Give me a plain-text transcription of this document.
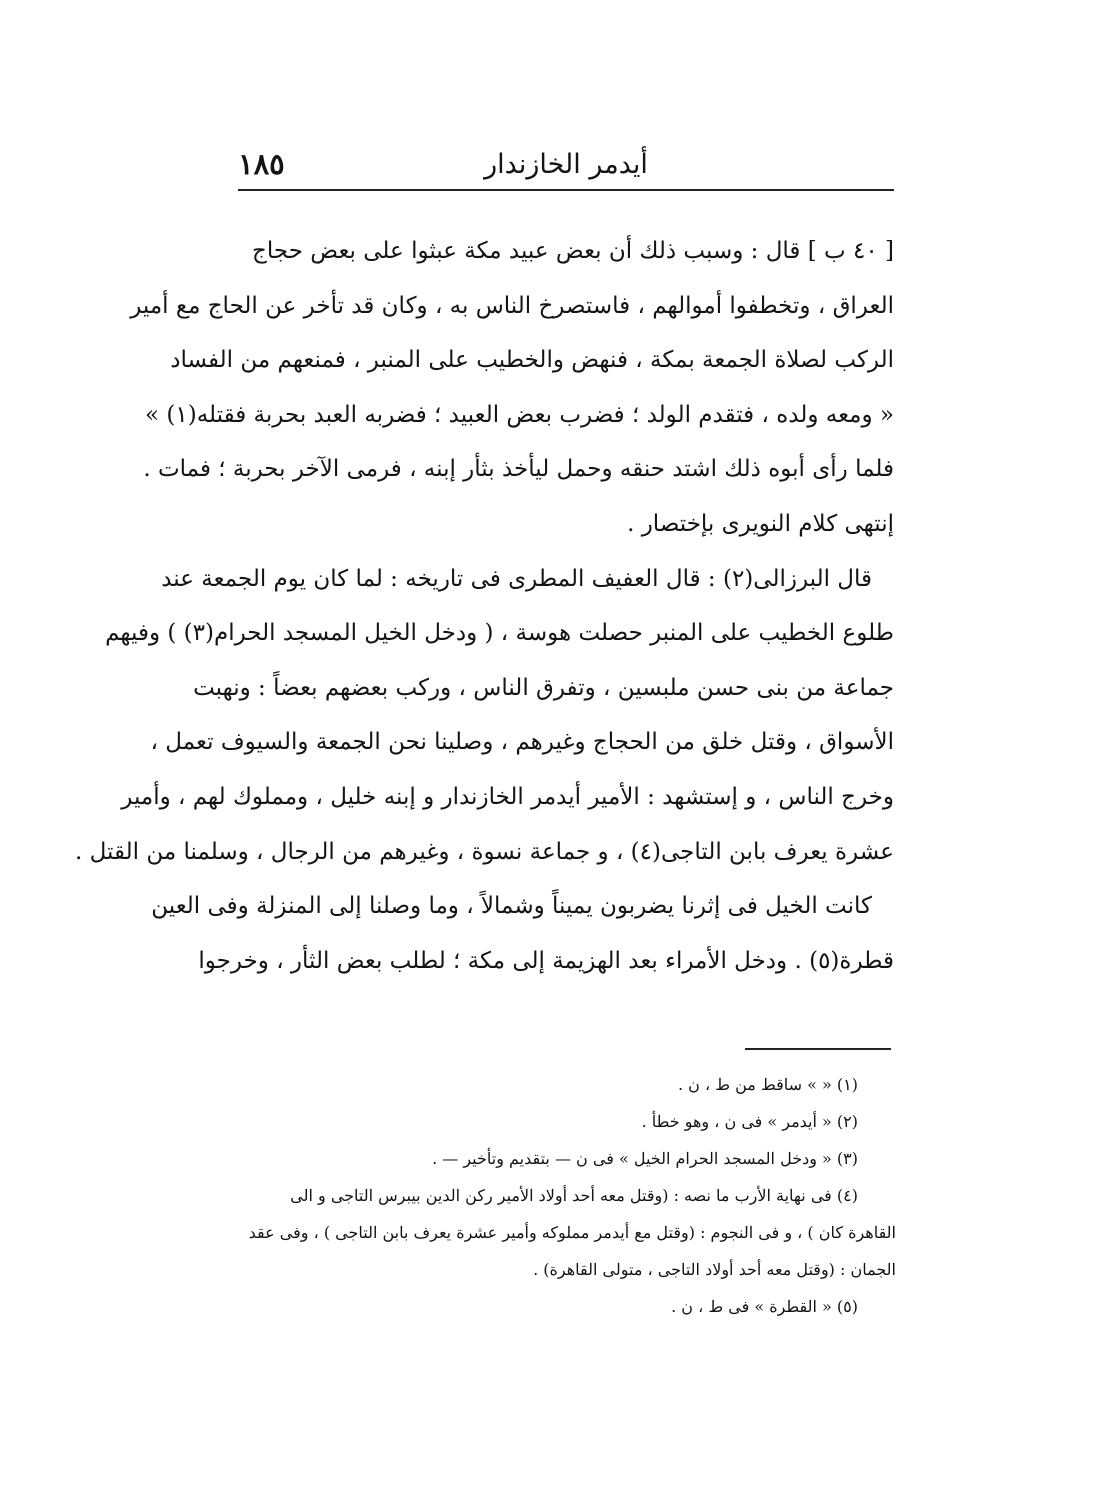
أيدمر الخازندار
١٨٥
[ ٤٠ ب ] قال : وسبب ذلك أن بعض عبيد مكة عبثوا على بعض حجاج
العراق ، وتخطفوا أموالهم ، فاستصرخ الناس به ، وكان قد تأخر عن الحاج مع أمير
الركب لصلاة الجمعة بمكة ، فنهض والخطيب على المنبر ، فمنعهم من الفساد
« ومعه ولده ، فتقدم الولد ؛ فضرب بعض العبيد ؛ فضربه العبد بحربة فقتله(١) »
فلما رأى أبوه ذلك اشتد حنقه وحمل ليأخذ بثأر إبنه ، فرمى الآخر بحربة ؛ فمات .
إنتهى كلام النويرى بإختصار .
قال البرزالى(٢) : قال العفيف المطرى فى تاريخه : لما كان يوم الجمعة عند
طلوع الخطيب على المنبر حصلت هوسة ، ( ودخل الخيل المسجد الحرام(٣) ) وفيهم
جماعة من بنى حسن ملبسين ، وتفرق الناس ، وركب بعضهم بعضاً : ونهبت
الأسواق ، وقتل خلق من الحجاج وغيرهم ، وصلينا نحن الجمعة والسيوف تعمل ،
وخرج الناس ، و إستشهد : الأمير أيدمر الخازندار و إبنه خليل ، ومملوك لهم ، وأمير
عشرة يعرف بابن التاجى(٤) ، و جماعة نسوة ، وغيرهم من الرجال ، وسلمنا من القتل .
كانت الخيل فى إثرنا يضربون يميناً وشمالاً ، وما وصلنا إلى المنزلة وفى العين
قطرة(٥) . ودخل الأمراء بعد الهزيمة إلى مكة ؛ لطلب بعض الثأر ، وخرجوا
(١) « » ساقط من ط ، ن .
(٢) « أيدمر » فى ن ، وهو خطأ .
(٣) « ودخل المسجد الحرام الخيل » فى ن — بتقديم وتأخير — .
(٤) فى نهاية الأرب ما نصه : (وقتل معه أحد أولاد الأمير ركن الدين بيبرس التاجى و الى
القاهرة كان ) ، و فى النجوم : (وقتل مع أيدمر مملوكه وأمير عشرة يعرف بابن التاجى ) ، وفى عقد
الجمان : (وقتل معه أحد أولاد التاجى ، متولى القاهرة) .
(٥) « القطرة » فى ط ، ن .
